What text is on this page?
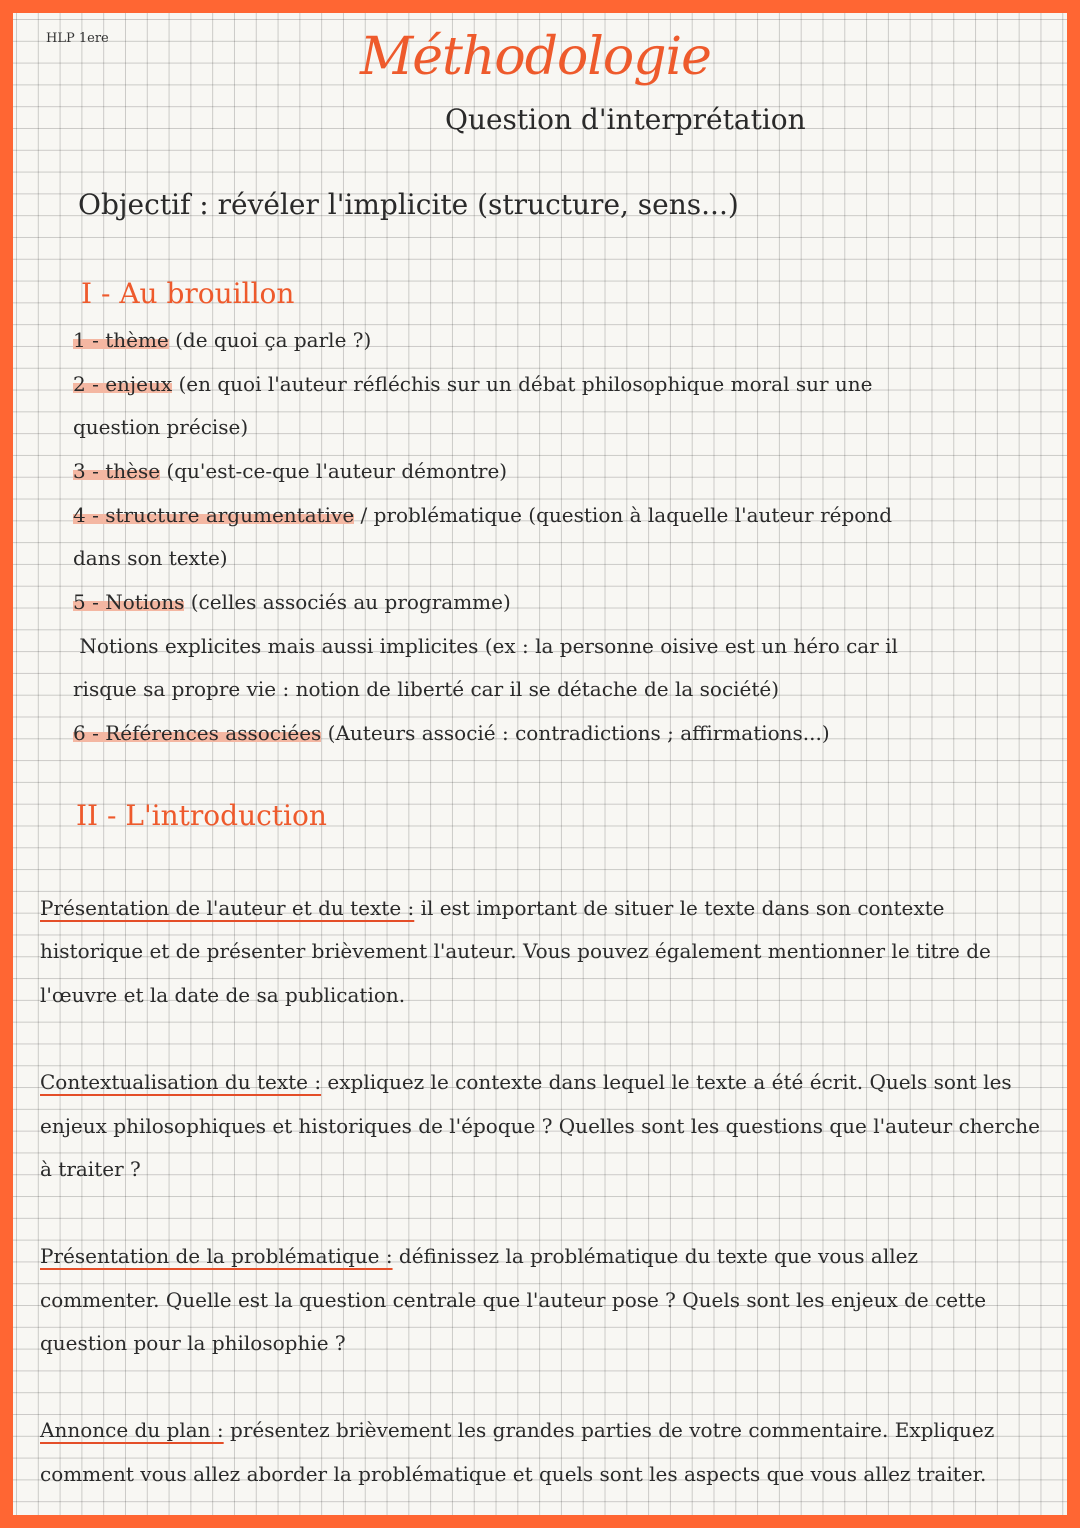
HLP 1ere	Méthodologie
Question d'interprétation
Objectif : révéler l'implicite (structure, sens...)
I - Au brouillon
1 - thème (de quoi ça parle ?)
2 - enjeux (en quoi l'auteur réfléchis sur un débat philosophique moral sur une
question précise)
3 - thèse (qu'est-ce-que l'auteur démontre)
4 - structure argumentative / problématique (question à laquelle l'auteur répond
dans son texte)
5 - Notions (celles associés au programme)
Notions explicites mais aussi implicites (ex : la personne oisive est un héro car il
risque sa propre vie : notion de liberté car il se détache de la société)
6 - Références associées (Auteurs associé : contradictions ; affirmations...)
II - L'introduction
Présentation de l'auteur et du texte : il est important de situer le texte dans son contexte
historique et de présenter brièvement l'auteur. Vous pouvez également mentionner le titre de
l'œuvre et la date de sa publication.
Contextualisation du texte : expliquez le contexte dans lequel le texte a été écrit. Quels sont les
enjeux philosophiques et historiques de l'époque ? Quelles sont les questions que l'auteur cherche
à traiter ?
Présentation de la problématique : définissez la problématique du texte que vous allez
commenter. Quelle est la question centrale que l'auteur pose ? Quels sont les enjeux de cette
question pour la philosophie ?
Annonce du plan : présentez brièvement les grandes parties de votre commentaire. Expliquez
comment vous allez aborder la problématique et quels sont les aspects que vous allez traiter.
